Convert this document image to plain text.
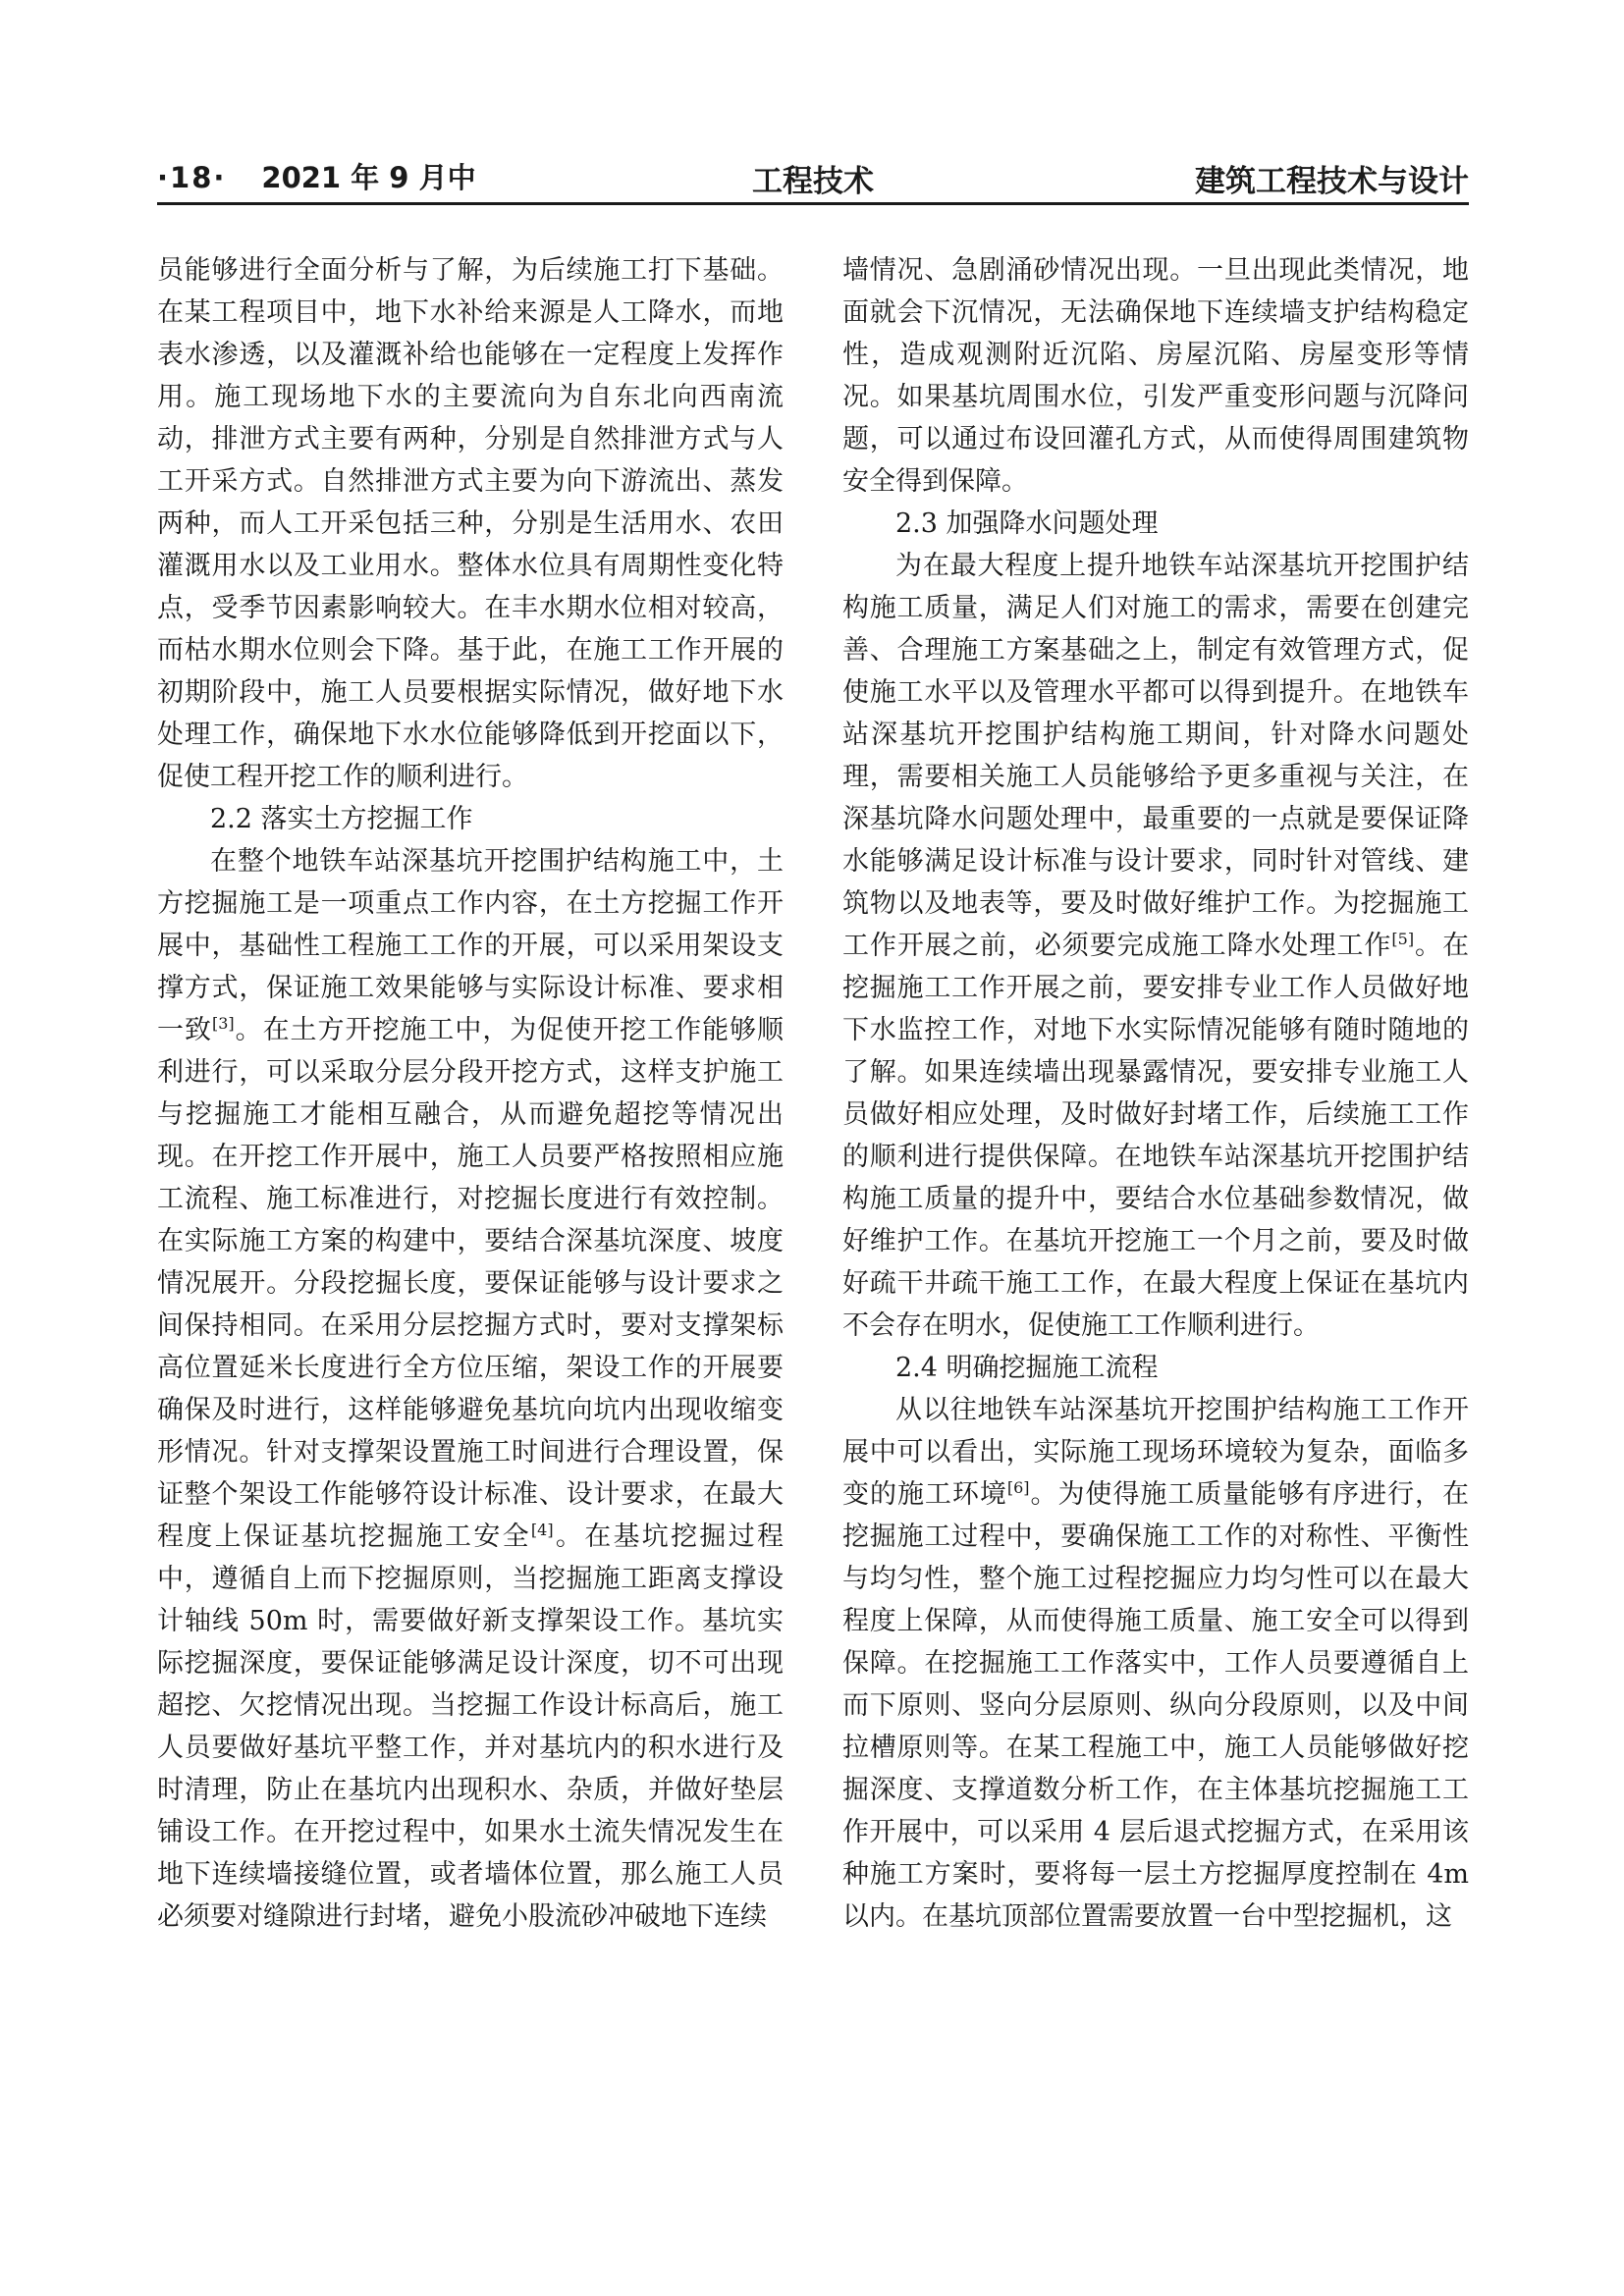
·18· 2021 年 9 月中	工程技术	建筑工程技术与设计

员能够进行全面分析与了解，为后续施工打下基础。在某工程项目中，地下水补给来源是人工降水，而地表水渗透，以及灌溉补给也能够在一定程度上发挥作用。施工现场地下水的主要流向为自东北向西南流动，排泄方式主要有两种，分别是自然排泄方式与人工开采方式。自然排泄方式主要为向下游流出、蒸发两种，而人工开采包括三种，分别是生活用水、农田灌溉用水以及工业用水。整体水位具有周期性变化特点，受季节因素影响较大。在丰水期水位相对较高，而枯水期水位则会下降。基于此，在施工工作开展的初期阶段中，施工人员要根据实际情况，做好地下水处理工作，确保地下水水位能够降低到开挖面以下，促使工程开挖工作的顺利进行。

2.2 落实土方挖掘工作

在整个地铁车站深基坑开挖围护结构施工中，土方挖掘施工是一项重点工作内容，在土方挖掘工作开展中，基础性工程施工工作的开展，可以采用架设支撑方式，保证施工效果能够与实际设计标准、要求相一致[3]。在土方开挖施工中，为促使开挖工作能够顺利进行，可以采取分层分段开挖方式，这样支护施工与挖掘施工才能相互融合，从而避免超挖等情况出现。在开挖工作开展中，施工人员要严格按照相应施工流程、施工标准进行，对挖掘长度进行有效控制。在实际施工方案的构建中，要结合深基坑深度、坡度情况展开。分段挖掘长度，要保证能够与设计要求之间保持相同。在采用分层挖掘方式时，要对支撑架标高位置延米长度进行全方位压缩，架设工作的开展要确保及时进行，这样能够避免基坑向坑内出现收缩变形情况。针对支撑架设置施工时间进行合理设置，保证整个架设工作能够符设计标准、设计要求，在最大程度上保证基坑挖掘施工安全[4]。在基坑挖掘过程中，遵循自上而下挖掘原则，当挖掘施工距离支撑设计轴线 50m 时，需要做好新支撑架设工作。基坑实际挖掘深度，要保证能够满足设计深度，切不可出现超挖、欠挖情况出现。当挖掘工作设计标高后，施工人员要做好基坑平整工作，并对基坑内的积水进行及时清理，防止在基坑内出现积水、杂质，并做好垫层铺设工作。在开挖过程中，如果水土流失情况发生在地下连续墙接缝位置，或者墙体位置，那么施工人员必须要对缝隙进行封堵，避免小股流砂冲破地下连续

墙情况、急剧涌砂情况出现。一旦出现此类情况，地面就会下沉情况，无法确保地下连续墙支护结构稳定性，造成观测附近沉陷、房屋沉陷、房屋变形等情况。如果基坑周围水位，引发严重变形问题与沉降问题，可以通过布设回灌孔方式，从而使得周围建筑物安全得到保障。

2.3 加强降水问题处理

为在最大程度上提升地铁车站深基坑开挖围护结构施工质量，满足人们对施工的需求，需要在创建完善、合理施工方案基础之上，制定有效管理方式，促使施工水平以及管理水平都可以得到提升。在地铁车站深基坑开挖围护结构施工期间，针对降水问题处理，需要相关施工人员能够给予更多重视与关注，在深基坑降水问题处理中，最重要的一点就是要保证降水能够满足设计标准与设计要求，同时针对管线、建筑物以及地表等，要及时做好维护工作。为挖掘施工工作开展之前，必须要完成施工降水处理工作[5]。在挖掘施工工作开展之前，要安排专业工作人员做好地下水监控工作，对地下水实际情况能够有随时随地的了解。如果连续墙出现暴露情况，要安排专业施工人员做好相应处理，及时做好封堵工作，后续施工工作的顺利进行提供保障。在地铁车站深基坑开挖围护结构施工质量的提升中，要结合水位基础参数情况，做好维护工作。在基坑开挖施工一个月之前，要及时做好疏干井疏干施工工作，在最大程度上保证在基坑内不会存在明水，促使施工工作顺利进行。

2.4 明确挖掘施工流程

从以往地铁车站深基坑开挖围护结构施工工作开展中可以看出，实际施工现场环境较为复杂，面临多变的施工环境[6]。为使得施工质量能够有序进行，在挖掘施工过程中，要确保施工工作的对称性、平衡性与均匀性，整个施工过程挖掘应力均匀性可以在最大程度上保障，从而使得施工质量、施工安全可以得到保障。在挖掘施工工作落实中，工作人员要遵循自上而下原则、竖向分层原则、纵向分段原则，以及中间拉槽原则等。在某工程施工中，施工人员能够做好挖掘深度、支撑道数分析工作，在主体基坑挖掘施工工作开展中，可以采用 4 层后退式挖掘方式，在采用该种施工方案时，要将每一层土方挖掘厚度控制在 4m 以内。在基坑顶部位置需要放置一台中型挖掘机，这
